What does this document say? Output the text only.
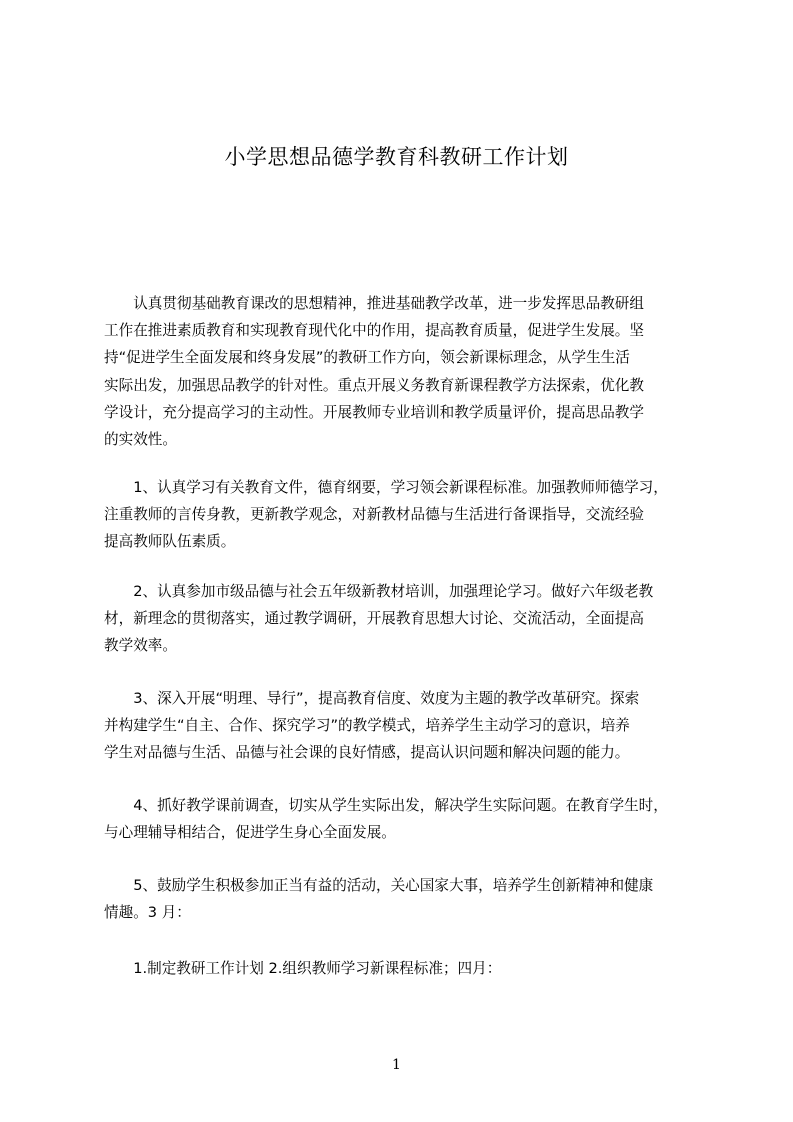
小学思想品德学教育科教研工作计划
　　认真贯彻基础教育课改的思想精神，推进基础教学改革，进一步发挥思品教研组
工作在推进素质教育和实现教育现代化中的作用，提高教育质量，促进学生发展。坚
持“促进学生全面发展和终身发展”的教研工作方向，领会新课标理念，从学生生活
实际出发，加强思品教学的针对性。重点开展义务教育新课程教学方法探索，优化教
学设计，充分提高学习的主动性。开展教师专业培训和教学质量评价，提高思品教学
的实效性。
　　1、认真学习有关教育文件，德育纲要，学习领会新课程标准。加强教师师德学习，
注重教师的言传身教，更新教学观念，对新教材品德与生活进行备课指导，交流经验
提高教师队伍素质。
　　2、认真参加市级品德与社会五年级新教材培训，加强理论学习。做好六年级老教
材，新理念的贯彻落实，通过教学调研，开展教育思想大讨论、交流活动，全面提高
教学效率。
　　3、深入开展“明理、导行”，提高教育信度、效度为主题的教学改革研究。探索
并构建学生“自主、合作、探究学习”的教学模式，培养学生主动学习的意识，培养
学生对品德与生活、品德与社会课的良好情感，提高认识问题和解决问题的能力。
　　4、抓好教学课前调查，切实从学生实际出发，解决学生实际问题。在教育学生时，
与心理辅导相结合，促进学生身心全面发展。
　　5、鼓励学生积极参加正当有益的活动，关心国家大事，培养学生创新精神和健康
情趣。3 月：
　　1.制定教研工作计划 2.组织教师学习新课程标准；四月：
1
